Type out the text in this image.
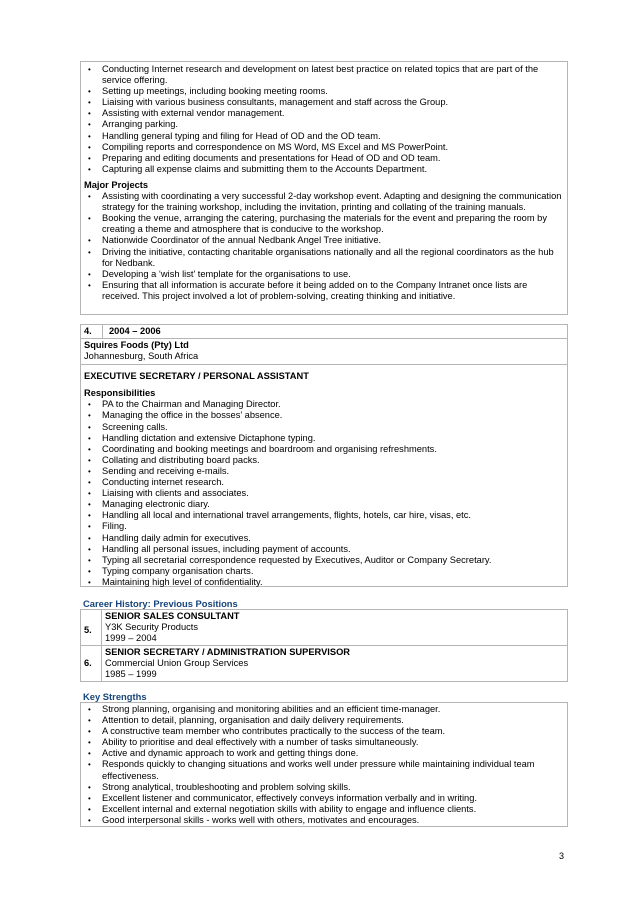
• Conducting Internet research and development on latest best practice on related topics that are part of the service offering.
• Setting up meetings, including booking meeting rooms.
• Liaising with various business consultants, management and staff across the Group.
• Assisting with external vendor management.
• Arranging parking.
• Handling general typing and filing for Head of OD and the OD team.
• Compiling reports and correspondence on MS Word, MS Excel and MS PowerPoint.
• Preparing and editing documents and presentations for Head of OD and OD team.
• Capturing all expense claims and submitting them to the Accounts Department.
Major Projects
• Assisting with coordinating a very successful 2-day workshop event. Adapting and designing the communication strategy for the training workshop, including the invitation, printing and collating of the training manuals.
• Booking the venue, arranging the catering, purchasing the materials for the event and preparing the room by creating a theme and atmosphere that is conducive to the workshop.
• Nationwide Coordinator of the annual Nedbank Angel Tree initiative.
• Driving the initiative, contacting charitable organisations nationally and all the regional coordinators as the hub for Nedbank.
• Developing a ‘wish list’ template for the organisations to use.
• Ensuring that all information is accurate before it being added on to the Company Intranet once lists are received. This project involved a lot of problem-solving, creating thinking and initiative.
4. 2004 – 2006
Squires Foods (Pty) Ltd
Johannesburg, South Africa
EXECUTIVE SECRETARY / PERSONAL ASSISTANT
Responsibilities
• PA to the Chairman and Managing Director.
• Managing the office in the bosses’ absence.
• Screening calls.
• Handling dictation and extensive Dictaphone typing.
• Coordinating and booking meetings and boardroom and organising refreshments.
• Collating and distributing board packs.
• Sending and receiving e-mails.
• Conducting internet research.
• Liaising with clients and associates.
• Managing electronic diary.
• Handling all local and international travel arrangements, flights, hotels, car hire, visas, etc.
• Filing.
• Handling daily admin for executives.
• Handling all personal issues, including payment of accounts.
• Typing all secretarial correspondence requested by Executives, Auditor or Company Secretary.
• Typing company organisation charts.
• Maintaining high level of confidentiality.
Career History: Previous Positions
5.	SENIOR SALES CONSULTANT
Y3K Security Products
1999 – 2004

6.	SENIOR SECRETARY / ADMINISTRATION SUPERVISOR
Commercial Union Group Services
1985 – 1999
Key Strengths
• Strong planning, organising and monitoring abilities and an efficient time-manager.
• Attention to detail, planning, organisation and daily delivery requirements.
• A constructive team member who contributes practically to the success of the team.
• Ability to prioritise and deal effectively with a number of tasks simultaneously.
• Active and dynamic approach to work and getting things done.
• Responds quickly to changing situations and works well under pressure while maintaining individual team effectiveness.
• Strong analytical, troubleshooting and problem solving skills.
• Excellent listener and communicator, effectively conveys information verbally and in writing.
• Excellent internal and external negotiation skills with ability to engage and influence clients.
• Good interpersonal skills - works well with others, motivates and encourages.
3
